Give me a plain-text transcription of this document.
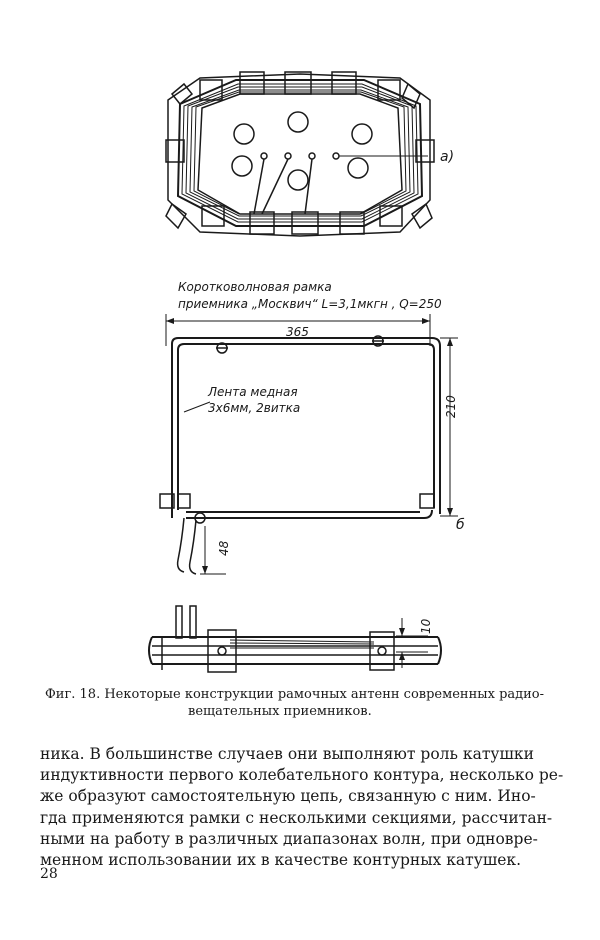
а)
Коротковолновая рамка
приемника „Москвич“ L=3,1мкгн , Q=250
365
Лента медная
3х6мм, 2витка	210
б
48
10
Фиг. 18. Некоторые конструкции рамочных антенн современных радио-
вещательных приемников.
ника. В большинстве случаев они выполняют роль катушки
индуктивности первого колебательного контура, несколько ре-
же образуют самостоятельную цепь, связанную с ним. Ино-
гда применяются рамки с несколькими секциями, рассчитан-
ными на работу в различных диапазонах волн, при одновре-
менном использовании их в качестве контурных катушек.
28
